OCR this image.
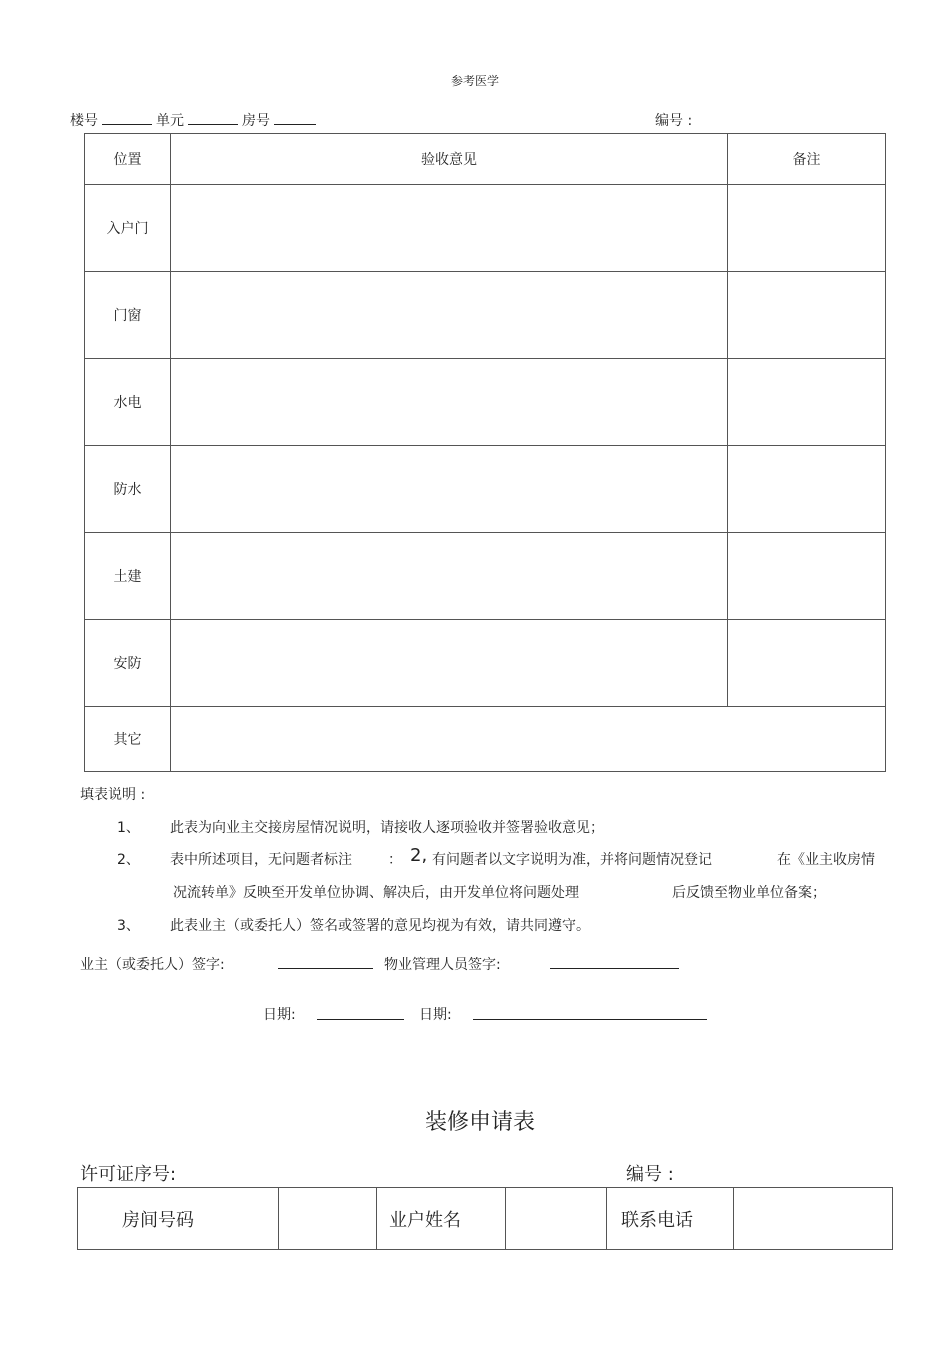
参考医学
楼号	单元	房号	编号 :
位置	验收意见	备注
入户门		
门窗		
水电		
防水		
土建		
安防		
其它		
填表说明 :
1、 此表为向业主交接房屋情况说明，请接收人逐项验收并签署验收意见；
2、 表中所述项目，无问题者标注	： 2, 有问题者以文字说明为准，并将问题情况登记	在《业主收房情
况流转单》反映至开发单位协调、解决后，由开发单位将问题处理	后反馈至物业单位备案；
3、 此表业主（或委托人）签名或签署的意见均视为有效，请共同遵守。
业主（或委托人）签字:	物业管理人员签字:
日期:	日期:
装修申请表
许可证序号:	编号 :
房间号码		业户姓名		联系电话	
